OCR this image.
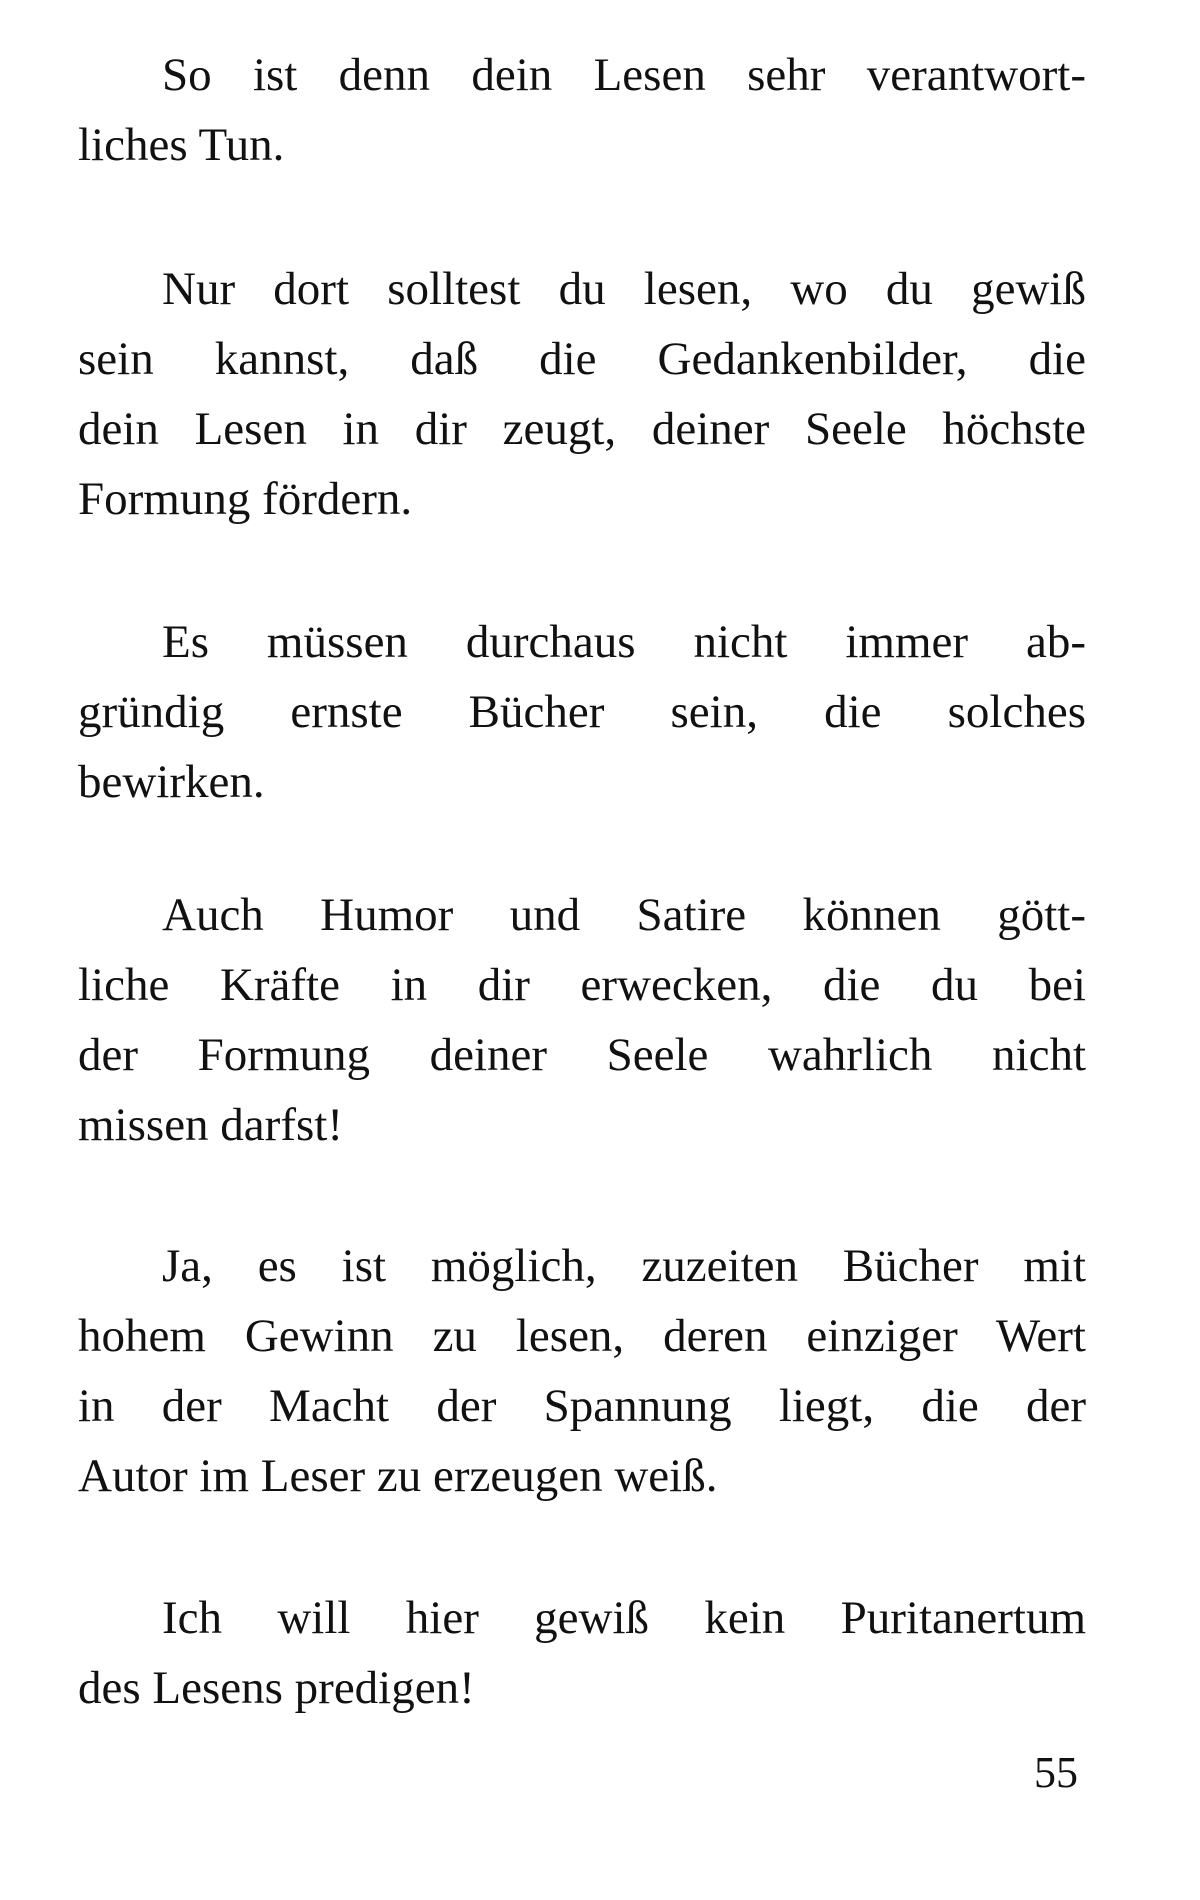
So ist denn dein Lesen sehr verantwort-
liches Tun.
Nur dort solltest du lesen, wo du gewiß
sein kannst, daß die Gedankenbilder, die
dein Lesen in dir zeugt, deiner Seele höchste
Formung fördern.
Es müssen durchaus nicht immer ab-
gründig ernste Bücher sein, die solches
bewirken.
Auch Humor und Satire können gött-
liche Kräfte in dir erwecken, die du bei
der Formung deiner Seele wahrlich nicht
missen darfst!
Ja, es ist möglich, zuzeiten Bücher mit
hohem Gewinn zu lesen, deren einziger Wert
in der Macht der Spannung liegt, die der
Autor im Leser zu erzeugen weiß.
Ich will hier gewiß kein Puritanertum
des Lesens predigen!
55
